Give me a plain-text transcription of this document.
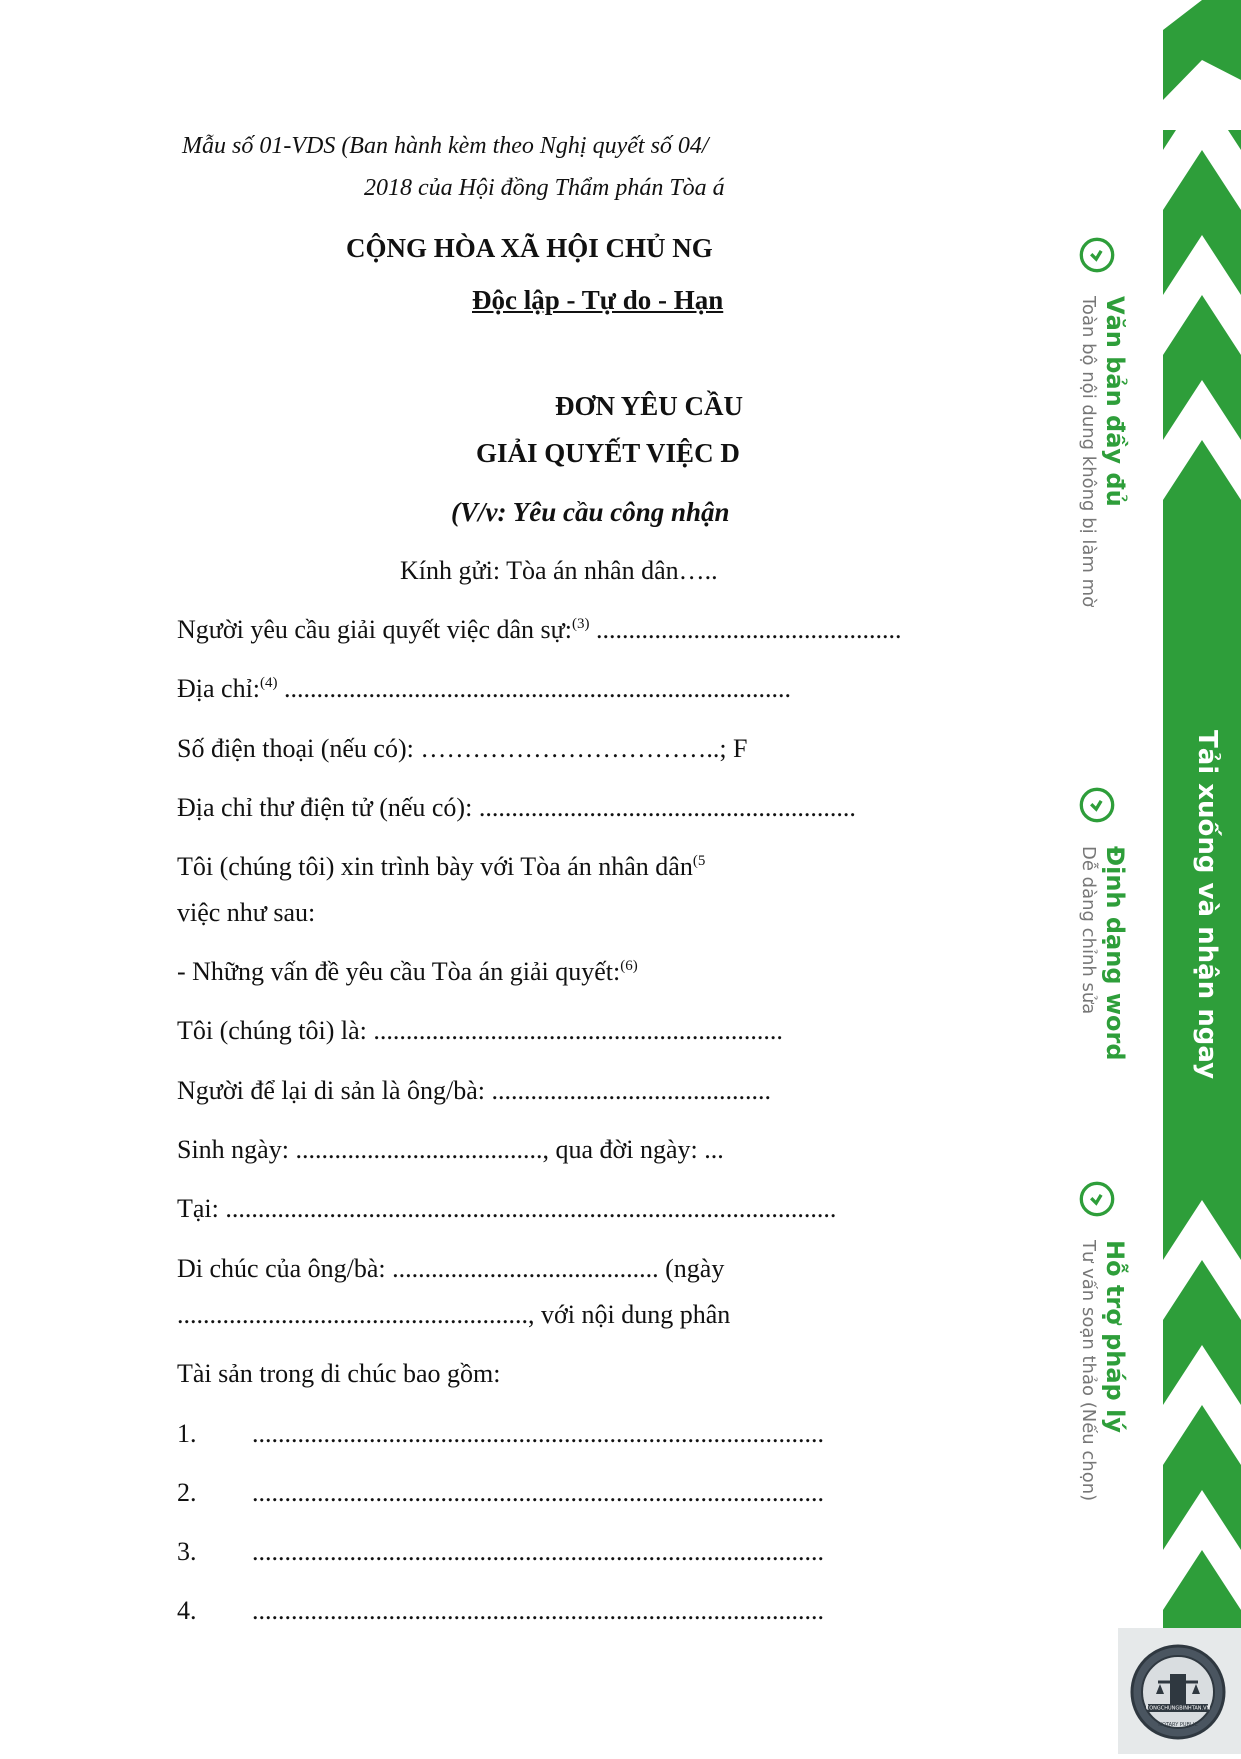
Mẫu số 01-VDS (Ban hành kèm theo Nghị quyết số 04/
2018 của Hội đồng Thẩm phán Tòa á
CỘNG HÒA XÃ HỘI CHỦ NG
Độc lập - Tự do - Hạn
ĐƠN YÊU CẦU
GIẢI QUYẾT VIỆC D
(V/v: Yêu cầu công nhận
Kính gửi: Tòa án nhân dân…..
Người yêu cầu giải quyết việc dân sự:$^{(3)}$ ...............................................
Địa chỉ:$^{(4)}$ ..............................................................................
Số điện thoại (nếu có): ……………………………..; F
Địa chỉ thư điện tử (nếu có): ..........................................................
Tôi (chúng tôi) xin trình bày với Tòa án nhân dân$^{(5}$
việc như sau:
- Những vấn đề yêu cầu Tòa án giải quyết:$^{(6)}$
Tôi (chúng tôi) là: ...............................................................
Người để lại di sản là ông/bà: ...........................................
Sinh ngày: ......................................, qua đời ngày: ...
Tại: ..............................................................................................
Di chúc của ông/bà: ......................................... (ngày
......................................................, với nội dung phân
Tài sản trong di chúc bao gồm:
1. ........................................................................................
2. ........................................................................................
3. ........................................................................................
4. ........................................................................................
Tải xuống và nhận ngay
Văn bản đầy đủ
Toàn bộ nội dung không bị làm mờ
Định dạng word
Dễ dàng chỉnh sửa
Hỗ trợ pháp lý
Tư vấn soạn thảo (Nếu chọn)
CONGCHUNGBINHTAN.VN
NOTARY PUBLIC
